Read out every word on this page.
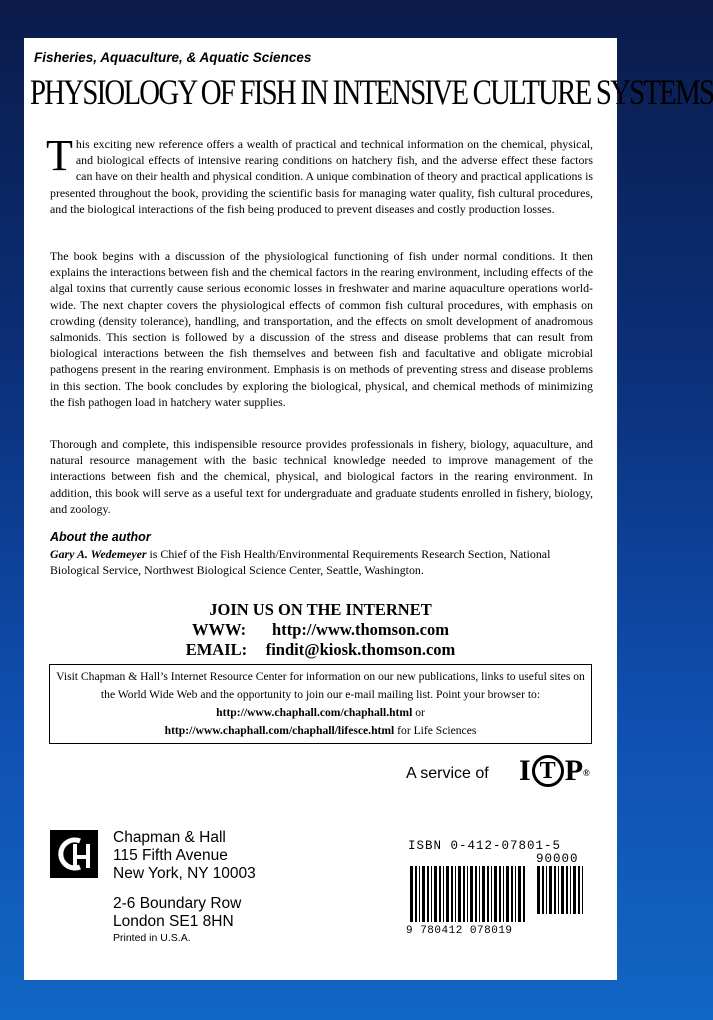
Fisheries, Aquaculture, & Aquatic Sciences
PHYSIOLOGY OF FISH IN INTENSIVE CULTURE SYSTEMS
This exciting new reference offers a wealth of practical and technical information on the chemical, physical, and biological effects of intensive rearing conditions on hatchery fish, and the adverse effect these factors can have on their health and physical condition. A unique combination of theory and practical applications is presented throughout the book, providing the scientific basis for managing water quality, fish cultural procedures, and the biological interactions of the fish being produced to prevent diseases and costly production losses.
The book begins with a discussion of the physiological functioning of fish under normal conditions. It then explains the interactions between fish and the chemical factors in the rearing environment, including effects of the algal toxins that currently cause serious economic losses in freshwater and marine aquaculture operations world-wide. The next chapter covers the physiological effects of common fish cultural procedures, with emphasis on crowding (density tolerance), handling, and transportation, and the effects on smolt development of anadromous salmonids. This section is followed by a discussion of the stress and disease problems that can result from biological interactions between the fish themselves and between fish and facultative and obligate microbial pathogens present in the rearing environment. Emphasis is on methods of preventing stress and disease problems in this section. The book concludes by exploring the biological, physical, and chemical methods of minimizing the fish pathogen load in hatchery water supplies.
Thorough and complete, this indispensible resource provides professionals in fishery, biology, aquaculture, and natural resource management with the basic technical knowledge needed to improve management of the interactions between fish and the chemical, physical, and biological factors in the rearing environment. In addition, this book will serve as a useful text for undergraduate and graduate students enrolled in fishery, biology, and zoology.
About the author
Gary A. Wedemeyer is Chief of the Fish Health/Environmental Requirements Research Section, National Biological Service, Northwest Biological Science Center, Seattle, Washington.
JOIN US ON THE INTERNET
WWW: http://www.thomson.com
EMAIL: findit@kiosk.thomson.com
Visit Chapman & Hall’s Internet Resource Center for information on our new publications, links to useful sites on the World Wide Web and the opportunity to join our e-mail mailing list. Point your browser to:
http://www.chaphall.com/chaphall.html or
http://www.chaphall.com/chaphall/lifesce.html for Life Sciences
A service of I T P ®
Chapman & Hall
115 Fifth Avenue
New York, NY 10003
2-6 Boundary Row
London SE1 8HN
Printed in U.S.A.
ISBN 0-412-07801-5
90000
9 780412 078019
